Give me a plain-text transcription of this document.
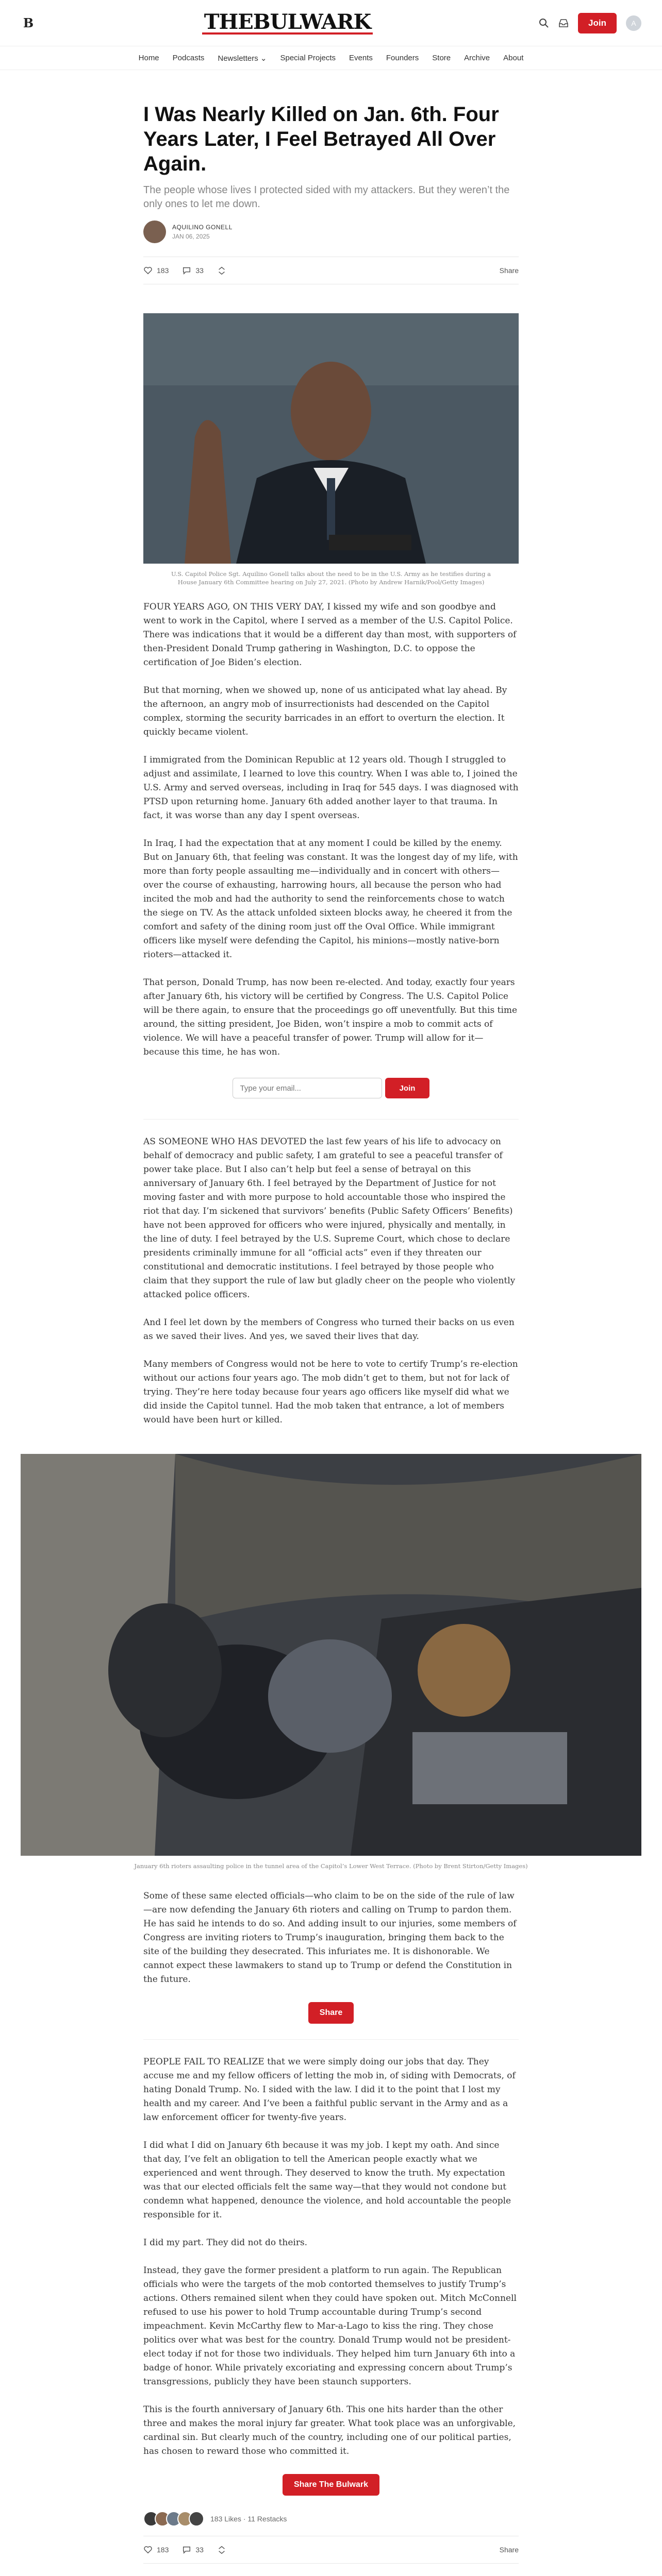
B	THEBULWARK	Join	A
Home Podcasts Newsletters ⌄ Special Projects Events Founders Store Archive About
I Was Nearly Killed on Jan. 6th. Four Years Later, I Feel Betrayed All Over Again.
The people whose lives I protected sided with my attackers. But they weren’t the only ones to let me down.
AQUILINO GONELL
JAN 06, 2025
183	33	Share
U.S. Capitol Police Sgt. Aquilino Gonell talks about the need to be in the U.S. Army as he testifies during a House January 6th Committee hearing on July 27, 2021. (Photo by Andrew Harnik/Pool/Getty Images)

FOUR YEARS AGO, ON THIS VERY DAY, I kissed my wife and son goodbye and went to work in the Capitol, where I served as a member of the U.S. Capitol Police. There was indications that it would be a different day than most, with supporters of then-President Donald Trump gathering in Washington, D.C. to oppose the certification of Joe Biden’s election.

But that morning, when we showed up, none of us anticipated what lay ahead. By the afternoon, an angry mob of insurrectionists had descended on the Capitol complex, storming the security barricades in an effort to overturn the election. It quickly became violent.

I immigrated from the Dominican Republic at 12 years old. Though I struggled to adjust and assimilate, I learned to love this country. When I was able to, I joined the U.S. Army and served overseas, including in Iraq for 545 days. I was diagnosed with PTSD upon returning home. January 6th added another layer to that trauma. In fact, it was worse than any day I spent overseas.

In Iraq, I had the expectation that at any moment I could be killed by the enemy. But on January 6th, that feeling was constant. It was the longest day of my life, with more than forty people assaulting me—individually and in concert with others—over the course of exhausting, harrowing hours, all because the person who had incited the mob and had the authority to send the reinforcements chose to watch the siege on TV. As the attack unfolded sixteen blocks away, he cheered it from the comfort and safety of the dining room just off the Oval Office. While immigrant officers like myself were defending the Capitol, his minions—mostly native-born rioters—attacked it.

That person, Donald Trump, has now been re-elected. And today, exactly four years after January 6th, his victory will be certified by Congress. The U.S. Capitol Police will be there again, to ensure that the proceedings go off uneventfully. But this time around, the sitting president, Joe Biden, won’t inspire a mob to commit acts of violence. We will have a peaceful transfer of power. Trump will allow for it—because this time, he has won.

Type your email...
Join

AS SOMEONE WHO HAS DEVOTED the last few years of his life to advocacy on behalf of democracy and public safety, I am grateful to see a peaceful transfer of power take place. But I also can’t help but feel a sense of betrayal on this anniversary of January 6th. I feel betrayed by the Department of Justice for not moving faster and with more purpose to hold accountable those who inspired the riot that day. I’m sickened that survivors’ benefits (Public Safety Officers’ Benefits) have not been approved for officers who were injured, physically and mentally, in the line of duty. I feel betrayed by the U.S. Supreme Court, which chose to declare presidents criminally immune for all “official acts” even if they threaten our constitutional and democratic institutions. I feel betrayed by those people who claim that they support the rule of law but gladly cheer on the people who violently attacked police officers.

And I feel let down by the members of Congress who turned their backs on us even as we saved their lives. And yes, we saved their lives that day.

Many members of Congress would not be here to vote to certify Trump’s re-election without our actions four years ago. The mob didn’t get to them, but not for lack of trying. They’re here today because four years ago officers like myself did what we did inside the Capitol tunnel. Had the mob taken that entrance, a lot of members would have been hurt or killed.

January 6th rioters assaulting police in the tunnel area of the Capitol’s Lower West Terrace. (Photo by Brent Stirton/Getty Images)

Some of these same elected officials—who claim to be on the side of the rule of law—are now defending the January 6th rioters and calling on Trump to pardon them. He has said he intends to do so. And adding insult to our injuries, some members of Congress are inviting rioters to Trump’s inauguration, bringing them back to the site of the building they desecrated. This infuriates me. It is dishonorable. We cannot expect these lawmakers to stand up to Trump or defend the Constitution in the future.

Share

PEOPLE FAIL TO REALIZE that we were simply doing our jobs that day. They accuse me and my fellow officers of letting the mob in, of siding with Democrats, of hating Donald Trump. No. I sided with the law. I did it to the point that I lost my health and my career. And I’ve been a faithful public servant in the Army and as a law enforcement officer for twenty-five years.

I did what I did on January 6th because it was my job. I kept my oath. And since that day, I’ve felt an obligation to tell the American people exactly what we experienced and went through. They deserved to know the truth. My expectation was that our elected officials felt the same way—that they would not condone but condemn what happened, denounce the violence, and hold accountable the people responsible for it.

I did my part. They did not do theirs.

Instead, they gave the former president a platform to run again. The Republican officials who were the targets of the mob contorted themselves to justify Trump’s actions. Others remained silent when they could have spoken out. Mitch McConnell refused to use his power to hold Trump accountable during Trump’s second impeachment. Kevin McCarthy flew to Mar-a-Lago to kiss the ring. They chose politics over what was best for the country. Donald Trump would not be president-elect today if not for those two individuals. They helped him turn January 6th into a badge of honor. While privately excoriating and expressing concern about Trump’s transgressions, publicly they have been staunch supporters.

This is the fourth anniversary of January 6th. This one hits harder than the other three and makes the moral injury far greater. What took place was an unforgivable, cardinal sin. But clearly much of the country, including one of our political parties, has chosen to reward those who committed it.

Share The Bulwark
183 Likes · 11 Restacks
183	33	Share
